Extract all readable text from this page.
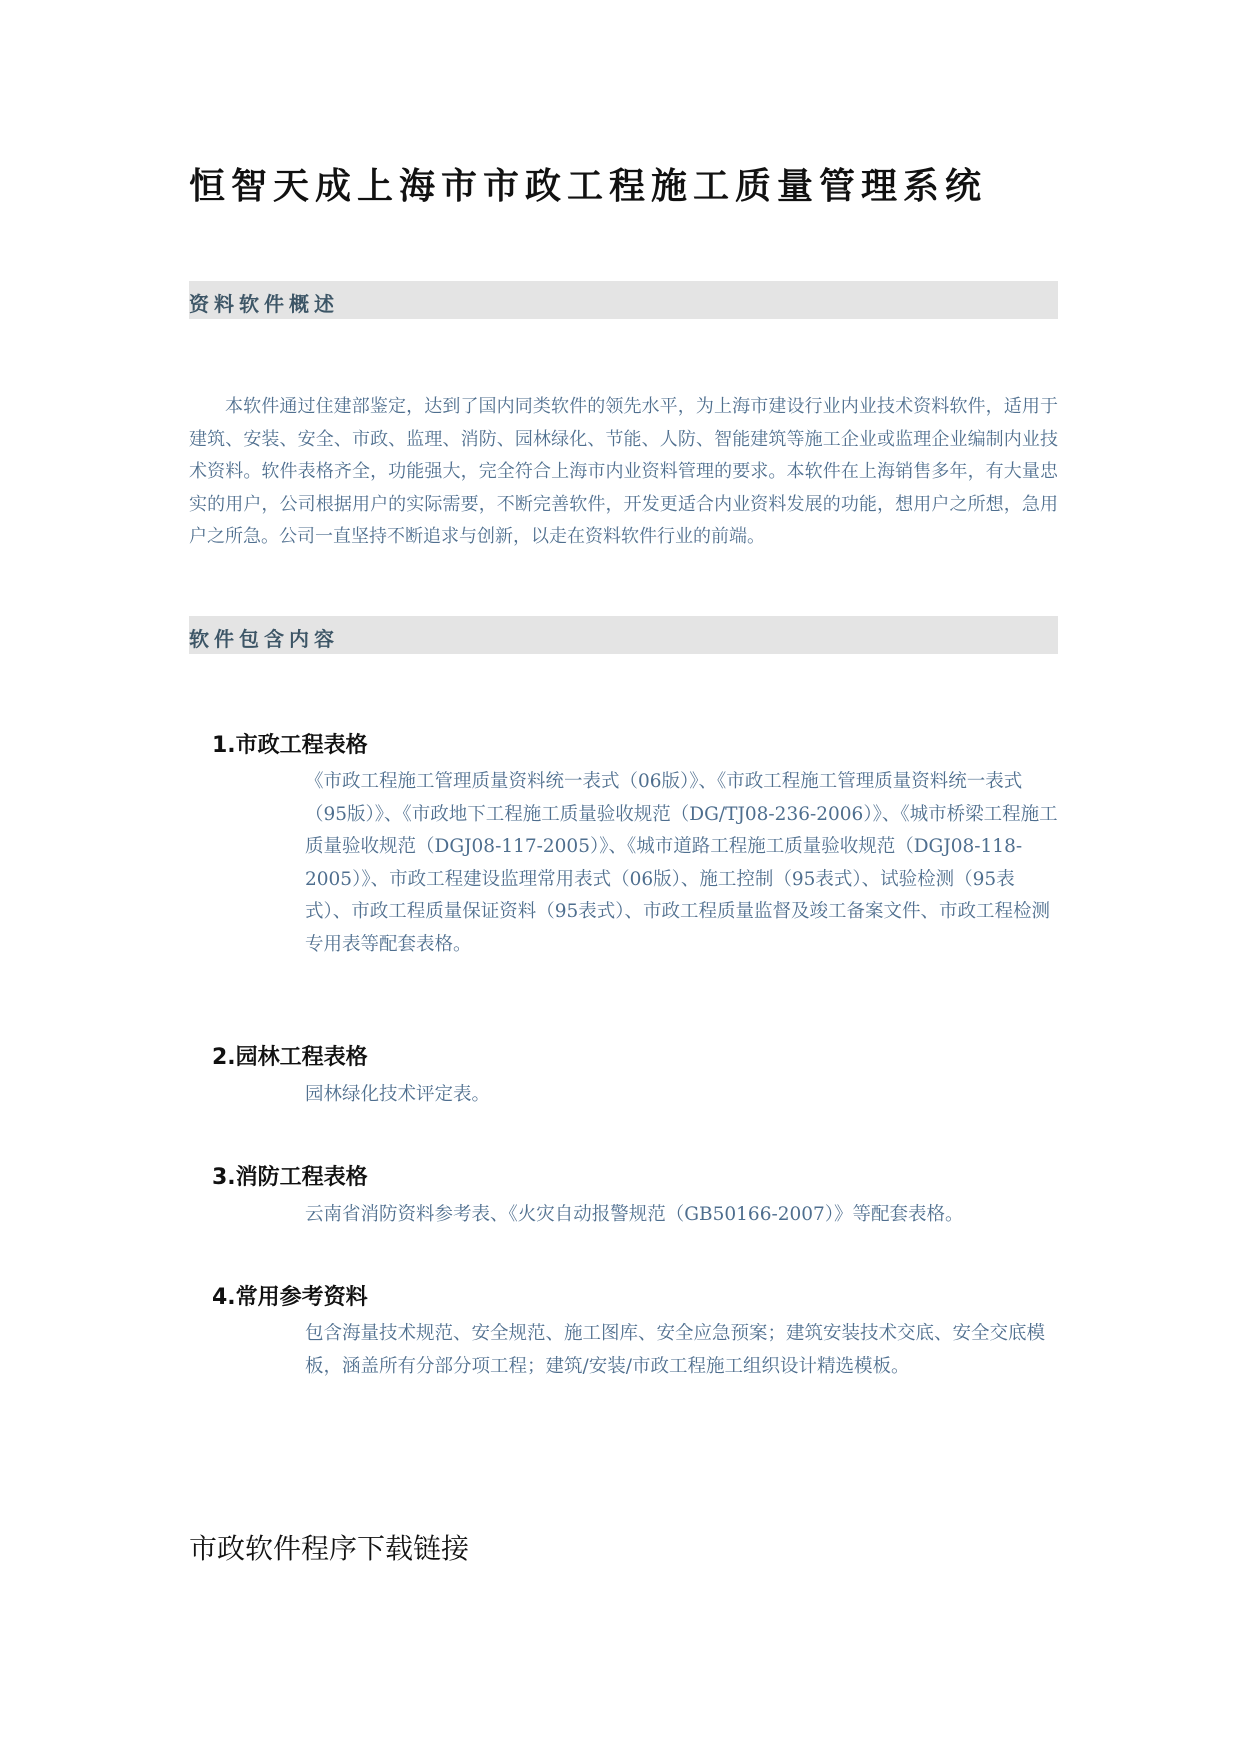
恒智天成上海市市政工程施工质量管理系统
资料软件概述

本软件通过住建部鉴定，达到了国内同类软件的领先水平，为上海市建设行业内业技术资料软件，适用于建筑、安装、安全、市政、监理、消防、园林绿化、节能、人防、智能建筑等施工企业或监理企业编制内业技术资料。软件表格齐全，功能强大，完全符合上海市内业资料管理的要求。本软件在上海销售多年，有大量忠实的用户，公司根据用户的实际需要，不断完善软件，开发更适合内业资料发展的功能，想用户之所想，急用户之所急。公司一直坚持不断追求与创新，以走在资料软件行业的前端。

软件包含内容
1.市政工程表格

《市政工程施工管理质量资料统一表式（06版）》、《市政工程施工管理质量资料统一表式（95版）》、《市政地下工程施工质量验收规范（DG/TJ08-236-2006）》、《城市桥梁工程施工质量验收规范（DGJ08-117-2005）》、《城市道路工程施工质量验收规范（DGJ08-118-2005）》、市政工程建设监理常用表式（06版）、施工控制（95表式）、试验检测（95表式）、市政工程质量保证资料（95表式）、市政工程质量监督及竣工备案文件、市政工程检测专用表等配套表格。

2.园林工程表格

园林绿化技术评定表。

3.消防工程表格

云南省消防资料参考表、《火灾自动报警规范（GB50166-2007）》等配套表格。

4.常用参考资料

包含海量技术规范、安全规范、施工图库、安全应急预案；建筑安装技术交底、安全交底模板，涵盖所有分部分项工程；建筑/安装/市政工程施工组织设计精选模板。

市政软件程序下载链接
